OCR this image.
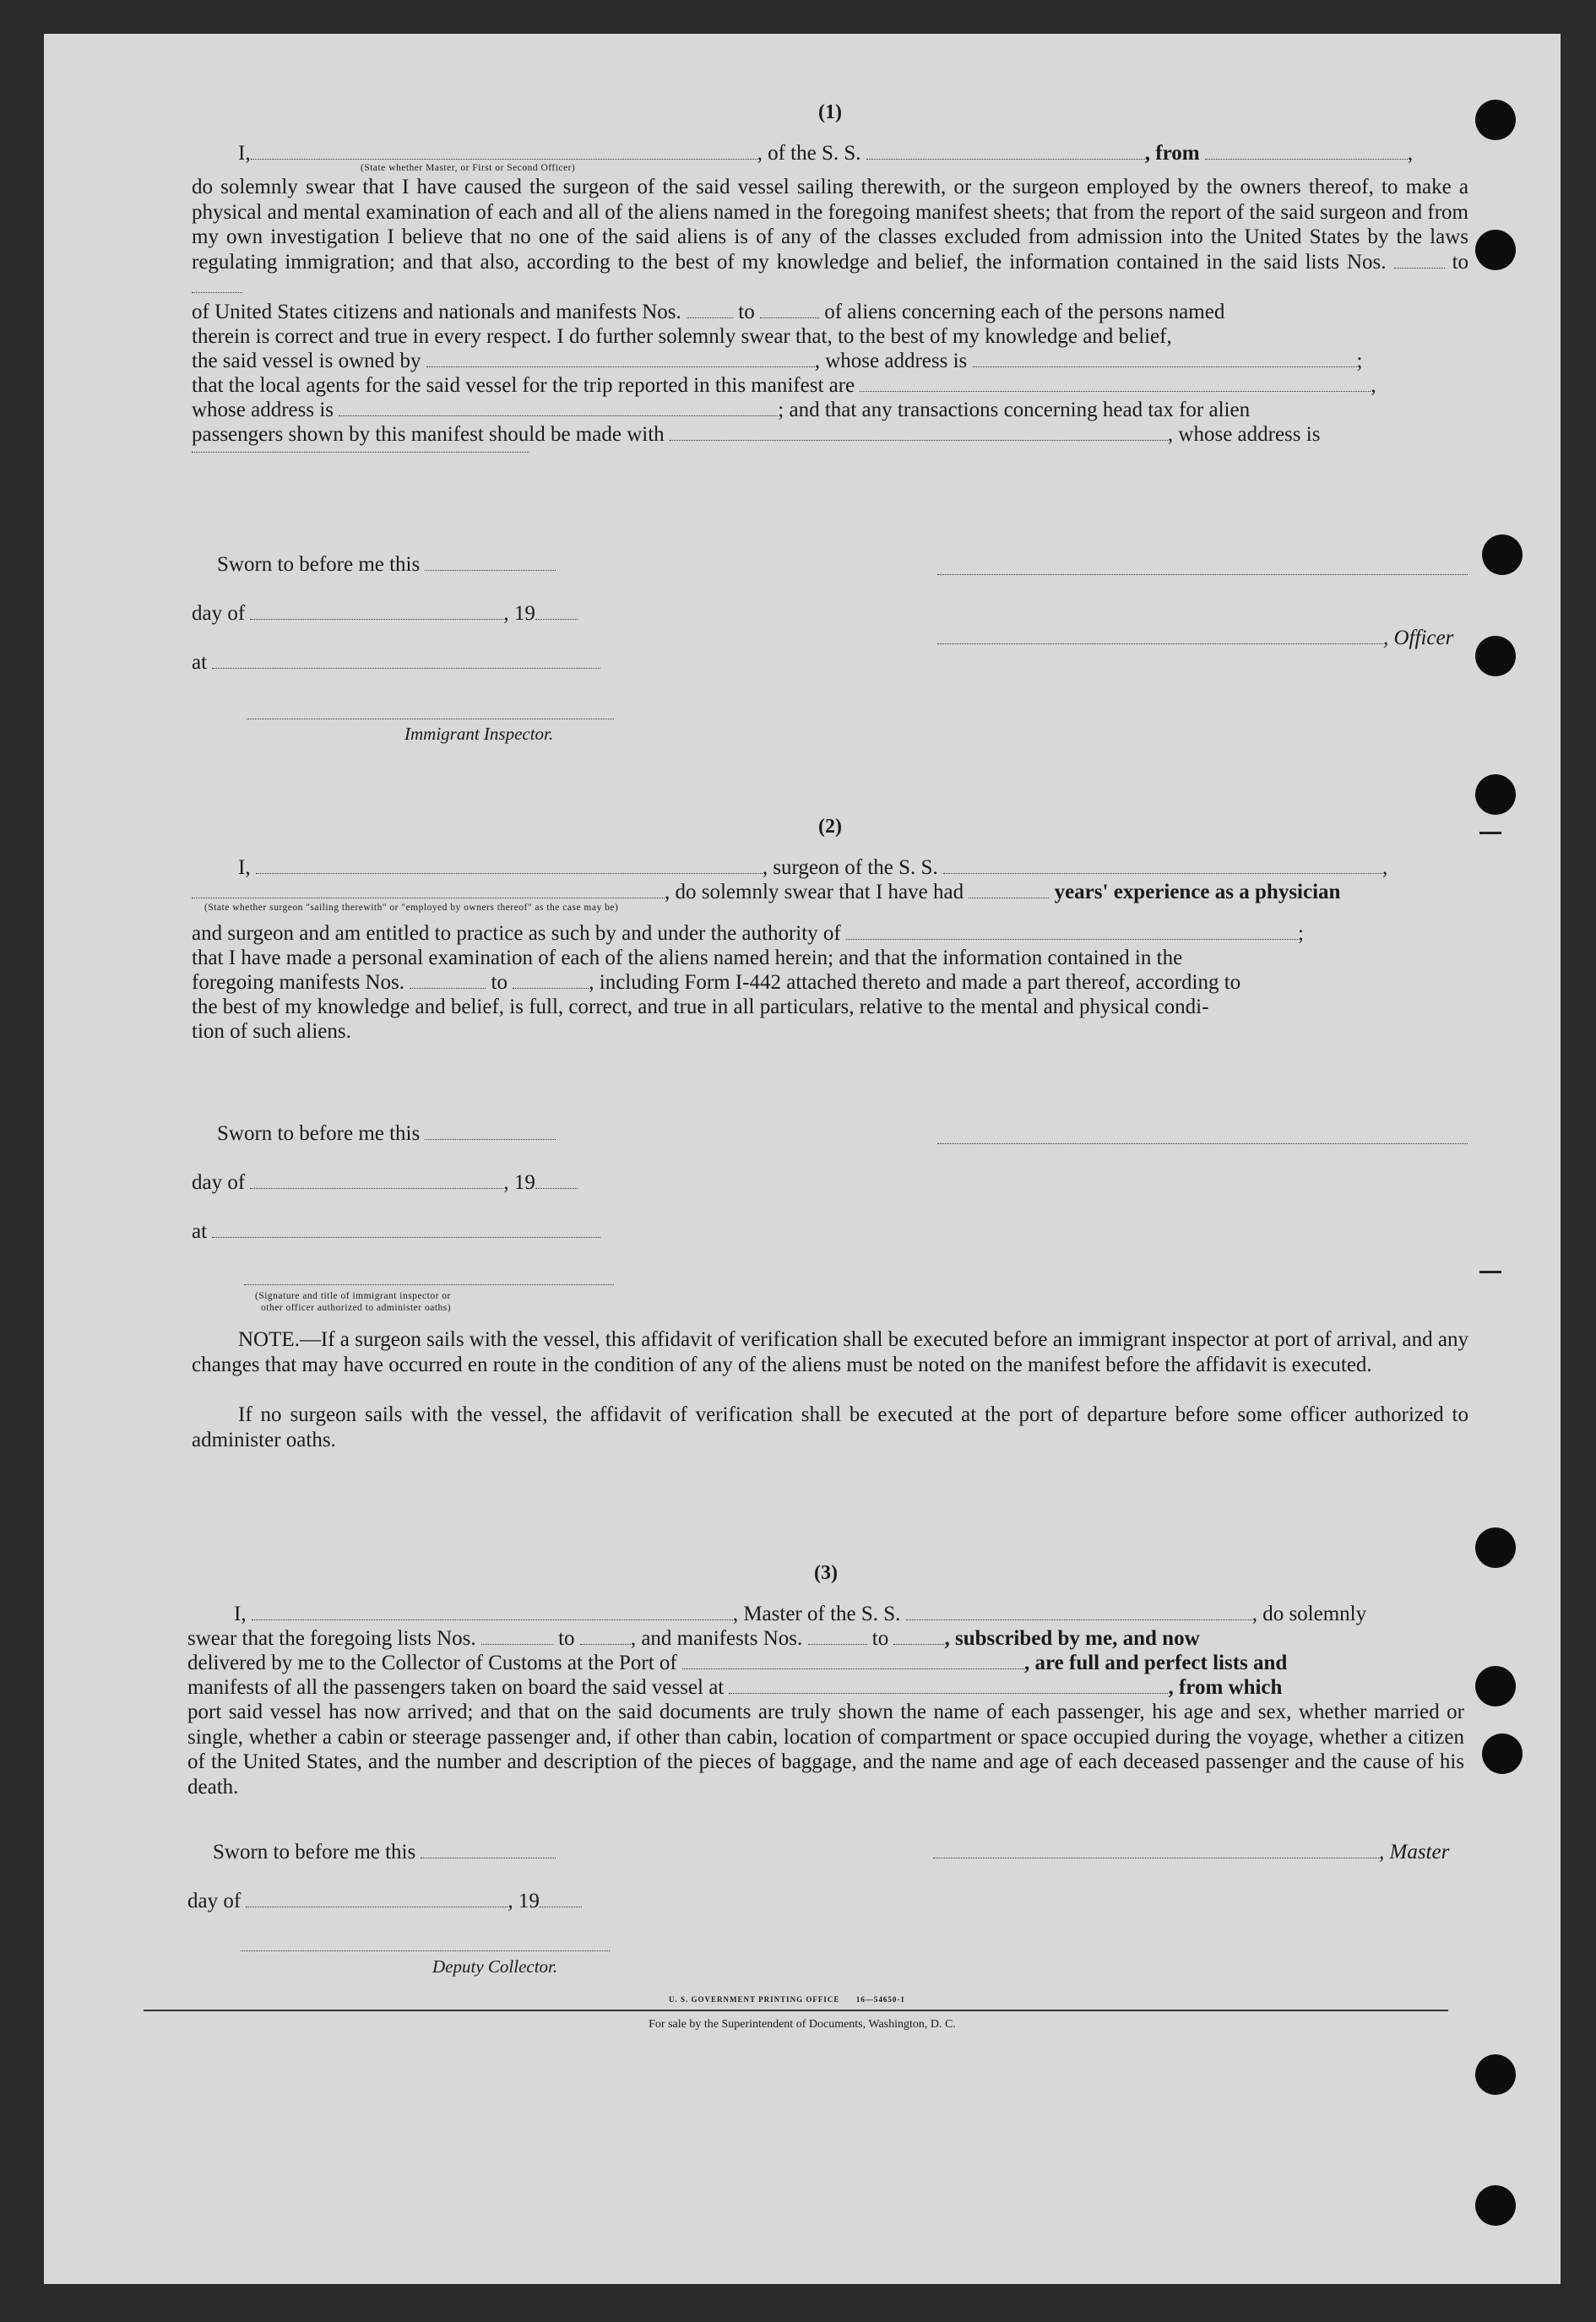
(1)
I,	, of the S. S.	, from	,
(State whether Master, or First or Second Officer)
do solemnly swear that I have caused the surgeon of the said vessel sailing therewith, or the surgeon employed by the owners thereof, to make a physical and mental examination of each and all of the aliens named in the foregoing manifest sheets; that from the report of the said surgeon and from my own investigation I believe that no one of the said aliens is of any of the classes excluded from admission into the United States by the laws regulating immigration; and that also, according to the best of my knowledge and belief, the information contained in the said lists Nos.	to
of United States citizens and nationals and manifests Nos.	to	of aliens concerning each of the persons named
therein is correct and true in every respect. I do further solemnly swear that, to the best of my knowledge and belief,
the said vessel is owned by	, whose address is	;
that the local agents for the said vessel for the trip reported in this manifest are	,
whose address is	; and that any transactions concerning head tax for alien
passengers shown by this manifest should be made with	, whose address is
Sworn to before me this
day of	, 19
at
Immigrant Inspector.
, Officer
(2)
I,	, surgeon of the S. S.	,
, do solemnly swear that I have had	years' experience as a physician
(State whether surgeon "sailing therewith" or "employed by owners thereof" as the case may be)
and surgeon and am entitled to practice as such by and under the authority of	;
that I have made a personal examination of each of the aliens named herein; and that the information contained in the
foregoing manifests Nos.	to	, including Form I-442 attached thereto and made a part thereof, according to
the best of my knowledge and belief, is full, correct, and true in all particulars, relative to the mental and physical condi-
tion of such aliens.
Sworn to before me this
day of	, 19
at
(Signature and title of immigrant inspector or
other officer authorized to administer oaths)
NOTE.—If a surgeon sails with the vessel, this affidavit of verification shall be executed before an immigrant inspector at port of arrival, and any changes that may have occurred en route in the condition of any of the aliens must be noted on the manifest before the affidavit is executed.
If no surgeon sails with the vessel, the affidavit of verification shall be executed at the port of departure before some officer authorized to administer oaths.
(3)
I,	, Master of the S. S.	, do solemnly
swear that the foregoing lists Nos.	to	, and manifests Nos.	to	, subscribed by me, and now
delivered by me to the Collector of Customs at the Port of	, are full and perfect lists and
manifests of all the passengers taken on board the said vessel at	, from which
port said vessel has now arrived; and that on the said documents are truly shown the name of each passenger, his age and sex, whether married or single, whether a cabin or steerage passenger and, if other than cabin, location of compartment or space occupied during the voyage, whether a citizen of the United States, and the number and description of the pieces of baggage, and the name and age of each deceased passenger and the cause of his death.
Sworn to before me this
day of	, 19
Deputy Collector.
, Master
U. S. GOVERNMENT PRINTING OFFICE 16—54650-1
For sale by the Superintendent of Documents, Washington, D. C.
